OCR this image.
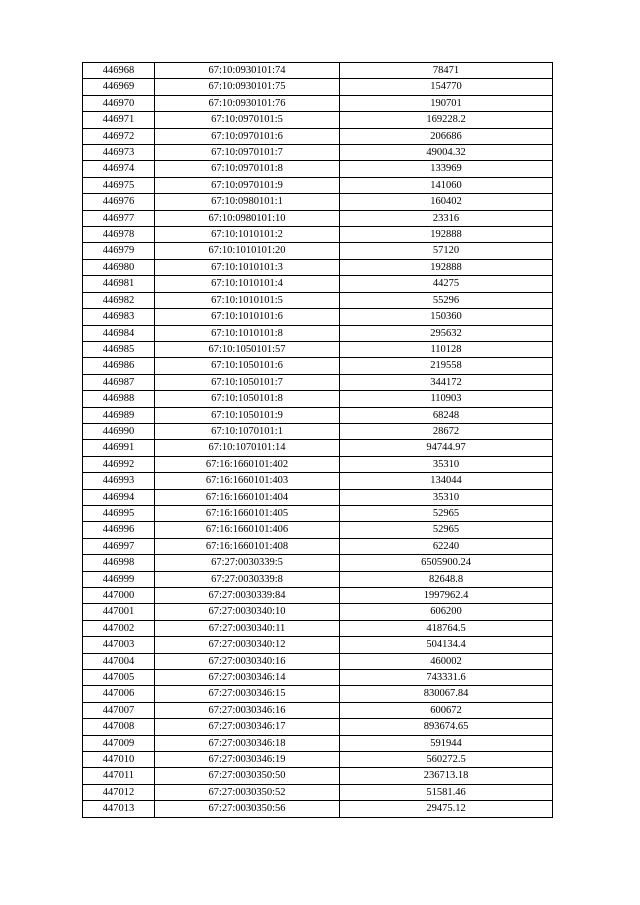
446968	67:10:0930101:74	78471
446969	67:10:0930101:75	154770
446970	67:10:0930101:76	190701
446971	67:10:0970101:5	169228.2
446972	67:10:0970101:6	206686
446973	67:10:0970101:7	49004.32
446974	67:10:0970101:8	133969
446975	67:10:0970101:9	141060
446976	67:10:0980101:1	160402
446977	67:10:0980101:10	23316
446978	67:10:1010101:2	192888
446979	67:10:1010101:20	57120
446980	67:10:1010101:3	192888
446981	67:10:1010101:4	44275
446982	67:10:1010101:5	55296
446983	67:10:1010101:6	150360
446984	67:10:1010101:8	295632
446985	67:10:1050101:57	110128
446986	67:10:1050101:6	219558
446987	67:10:1050101:7	344172
446988	67:10:1050101:8	110903
446989	67:10:1050101:9	68248
446990	67:10:1070101:1	28672
446991	67:10:1070101:14	94744.97
446992	67:16:1660101:402	35310
446993	67:16:1660101:403	134044
446994	67:16:1660101:404	35310
446995	67:16:1660101:405	52965
446996	67:16:1660101:406	52965
446997	67:16:1660101:408	62240
446998	67:27:0030339:5	6505900.24
446999	67:27:0030339:8	82648.8
447000	67:27:0030339:84	1997962.4
447001	67:27:0030340:10	606200
447002	67:27:0030340:11	418764.5
447003	67:27:0030340:12	504134.4
447004	67:27:0030340:16	460002
447005	67:27:0030346:14	743331.6
447006	67:27:0030346:15	830067.84
447007	67:27:0030346:16	600672
447008	67:27:0030346:17	893674.65
447009	67:27:0030346:18	591944
447010	67:27:0030346:19	560272.5
447011	67:27:0030350:50	236713.18
447012	67:27:0030350:52	51581.46
447013	67:27:0030350:56	29475.12
